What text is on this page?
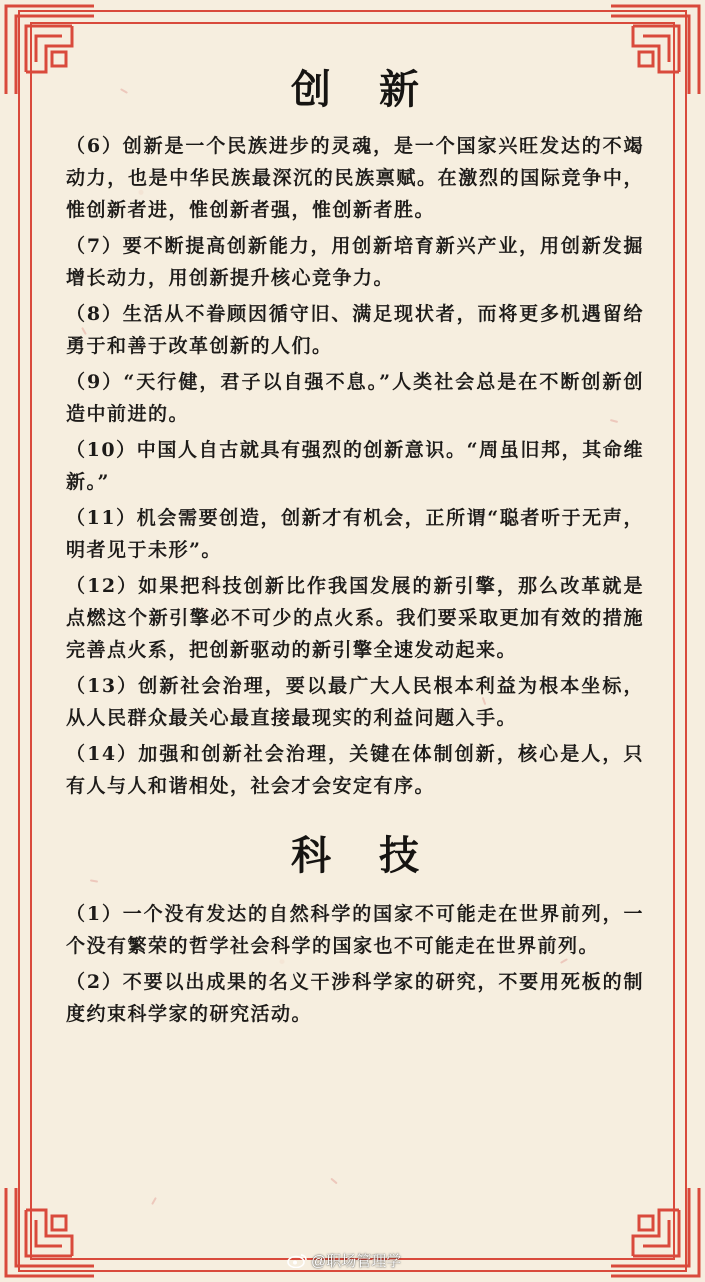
创新

（6）创新是一个民族进步的灵魂，是一个国家兴旺发达的不竭动力，也是中华民族最深沉的民族禀赋。在激烈的国际竞争中，惟创新者进，惟创新者强，惟创新者胜。

（7）要不断提高创新能力，用创新培育新兴产业，用创新发掘增长动力，用创新提升核心竞争力。

（8）生活从不眷顾因循守旧、满足现状者，而将更多机遇留给勇于和善于改革创新的人们。

（9）“天行健，君子以自强不息。”人类社会总是在不断创新创造中前进的。

（10）中国人自古就具有强烈的创新意识。“周虽旧邦，其命维新。”

（11）机会需要创造，创新才有机会，正所谓“聪者听于无声，明者见于未形”。

（12）如果把科技创新比作我国发展的新引擎，那么改革就是点燃这个新引擎必不可少的点火系。我们要采取更加有效的措施完善点火系，把创新驱动的新引擎全速发动起来。

（13）创新社会治理，要以最广大人民根本利益为根本坐标，从人民群众最关心最直接最现实的利益问题入手。

（14）加强和创新社会治理，关键在体制创新，核心是人，只有人与人和谐相处，社会才会安定有序。

科技

（1）一个没有发达的自然科学的国家不可能走在世界前列，一个没有繁荣的哲学社会科学的国家也不可能走在世界前列。

（2）不要以出成果的名义干涉科学家的研究，不要用死板的制度约束科学家的研究活动。

@职场管理学
